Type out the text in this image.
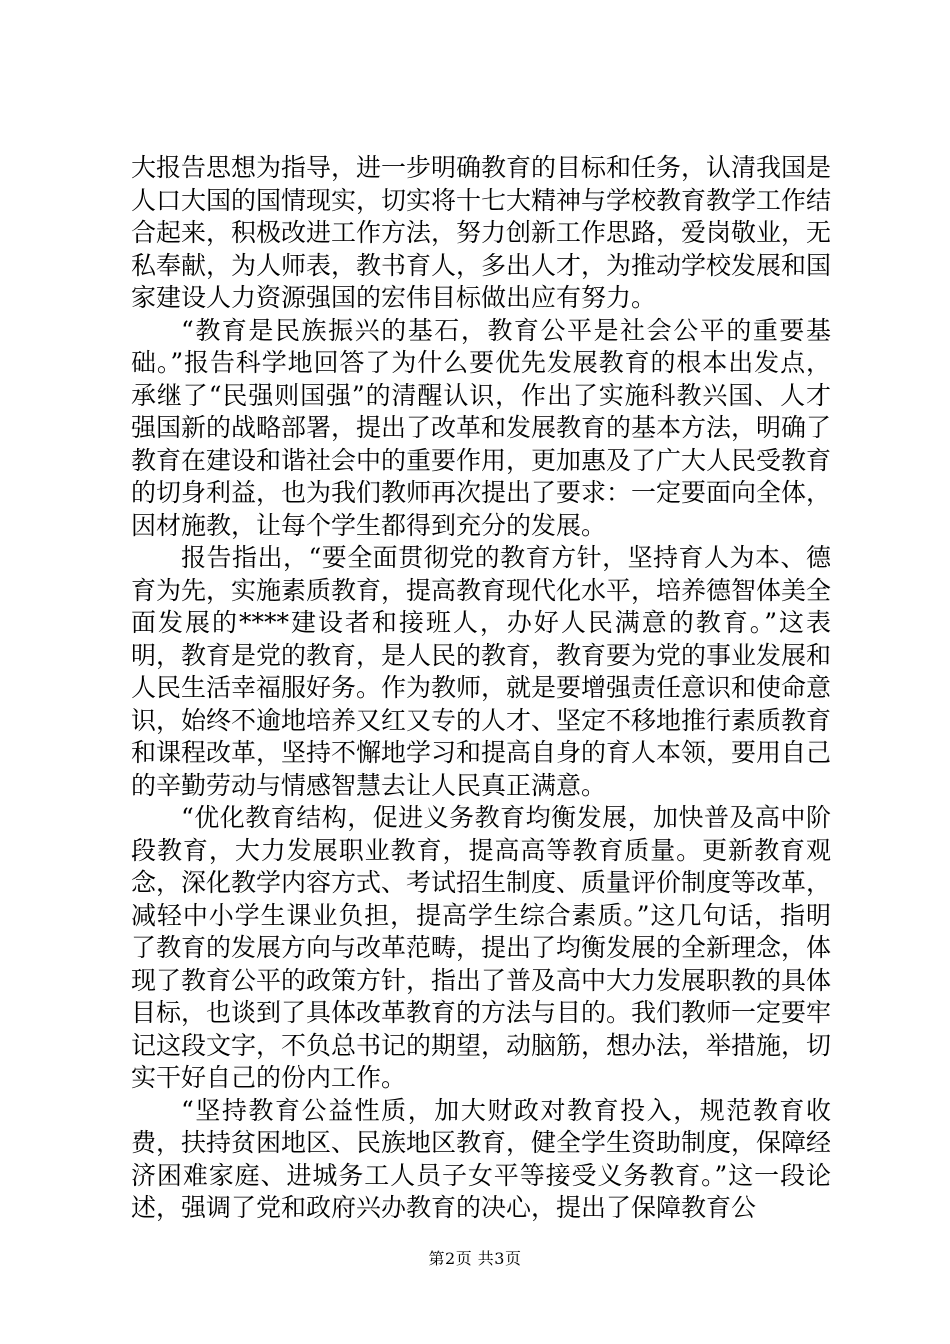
大报告思想为指导，进一步明确教育的目标和任务，认清我国是人口大国的国情现实，切实将十七大精神与学校教育教学工作结合起来，积极改进工作方法，努力创新工作思路，爱岗敬业，无私奉献，为人师表，教书育人，多出人才，为推动学校发展和国家建设人力资源强国的宏伟目标做出应有努力。

“教育是民族振兴的基石，教育公平是社会公平的重要基础。”报告科学地回答了为什么要优先发展教育的根本出发点，承继了“民强则国强”的清醒认识，作出了实施科教兴国、人才强国新的战略部署，提出了改革和发展教育的基本方法，明确了教育在建设和谐社会中的重要作用，更加惠及了广大人民受教育的切身利益，也为我们教师再次提出了要求：一定要面向全体，因材施教，让每个学生都得到充分的发展。

报告指出，“要全面贯彻党的教育方针，坚持育人为本、德育为先，实施素质教育，提高教育现代化水平，培养德智体美全面发展的****建设者和接班人，办好人民满意的教育。”这表明，教育是党的教育，是人民的教育，教育要为党的事业发展和人民生活幸福服好务。作为教师，就是要增强责任意识和使命意识，始终不逾地培养又红又专的人才、坚定不移地推行素质教育和课程改革，坚持不懈地学习和提高自身的育人本领，要用自己的辛勤劳动与情感智慧去让人民真正满意。

“优化教育结构，促进义务教育均衡发展，加快普及高中阶段教育，大力发展职业教育，提高高等教育质量。更新教育观念，深化教学内容方式、考试招生制度、质量评价制度等改革，减轻中小学生课业负担，提高学生综合素质。”这几句话，指明了教育的发展方向与改革范畴，提出了均衡发展的全新理念，体现了教育公平的政策方针，指出了普及高中大力发展职教的具体目标，也谈到了具体改革教育的方法与目的。我们教师一定要牢记这段文字，不负总书记的期望，动脑筋，想办法，举措施，切实干好自己的份内工作。

“坚持教育公益性质，加大财政对教育投入，规范教育收费，扶持贫困地区、民族地区教育，健全学生资助制度，保障经济困难家庭、进城务工人员子女平等接受义务教育。”这一段论述，强调了党和政府兴办教育的决心，提出了保障教育公

第2页 共3页
